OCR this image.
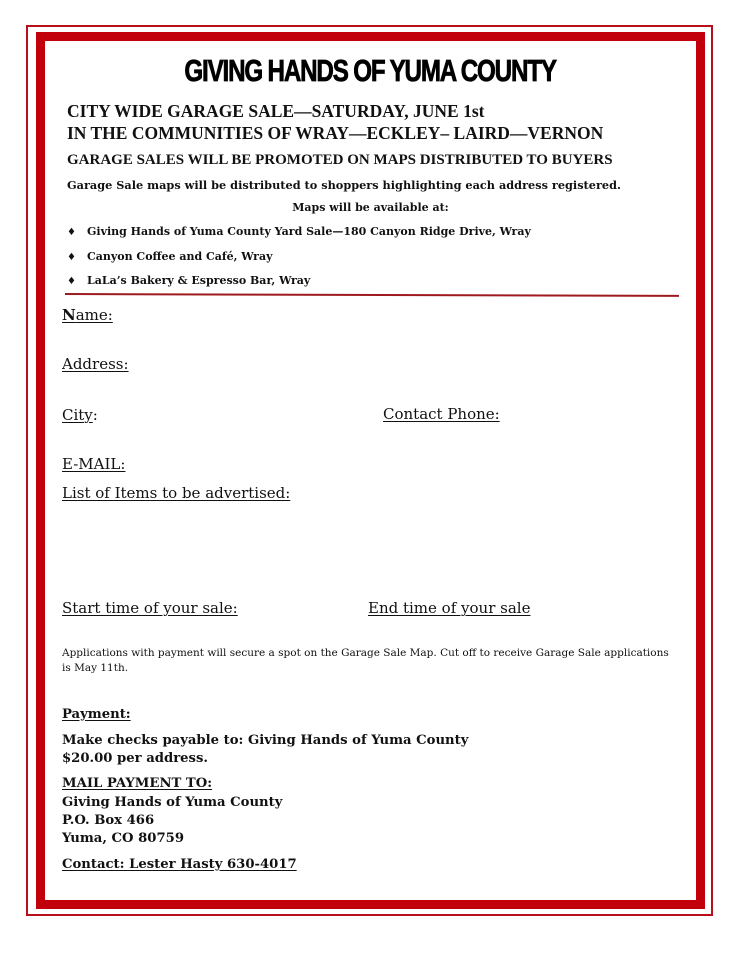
GIVING HANDS OF YUMA COUNTY
CITY WIDE GARAGE SALE—SATURDAY, JUNE 1st
IN THE COMMUNITIES OF WRAY—ECKLEY– LAIRD—VERNON
GARAGE SALES WILL BE PROMOTED ON MAPS DISTRIBUTED TO BUYERS
Garage Sale maps will be distributed to shoppers highlighting each address registered.
Maps will be available at:
♦ Giving Hands of Yuma County Yard Sale—180 Canyon Ridge Drive, Wray
♦ Canyon Coffee and Café, Wray
♦ LaLa’s Bakery & Espresso Bar, Wray
Name:
Address:
City:	Contact Phone:
E-MAIL:
List of Items to be advertised:
Start time of your sale:	End time of your sale
Applications with payment will secure a spot on the Garage Sale Map. Cut off to receive Garage Sale applications is May 11th.
Payment:
Make checks payable to: Giving Hands of Yuma County
$20.00 per address.
MAIL PAYMENT TO:
Giving Hands of Yuma County
P.O. Box 466
Yuma, CO 80759
Contact: Lester Hasty 630-4017
